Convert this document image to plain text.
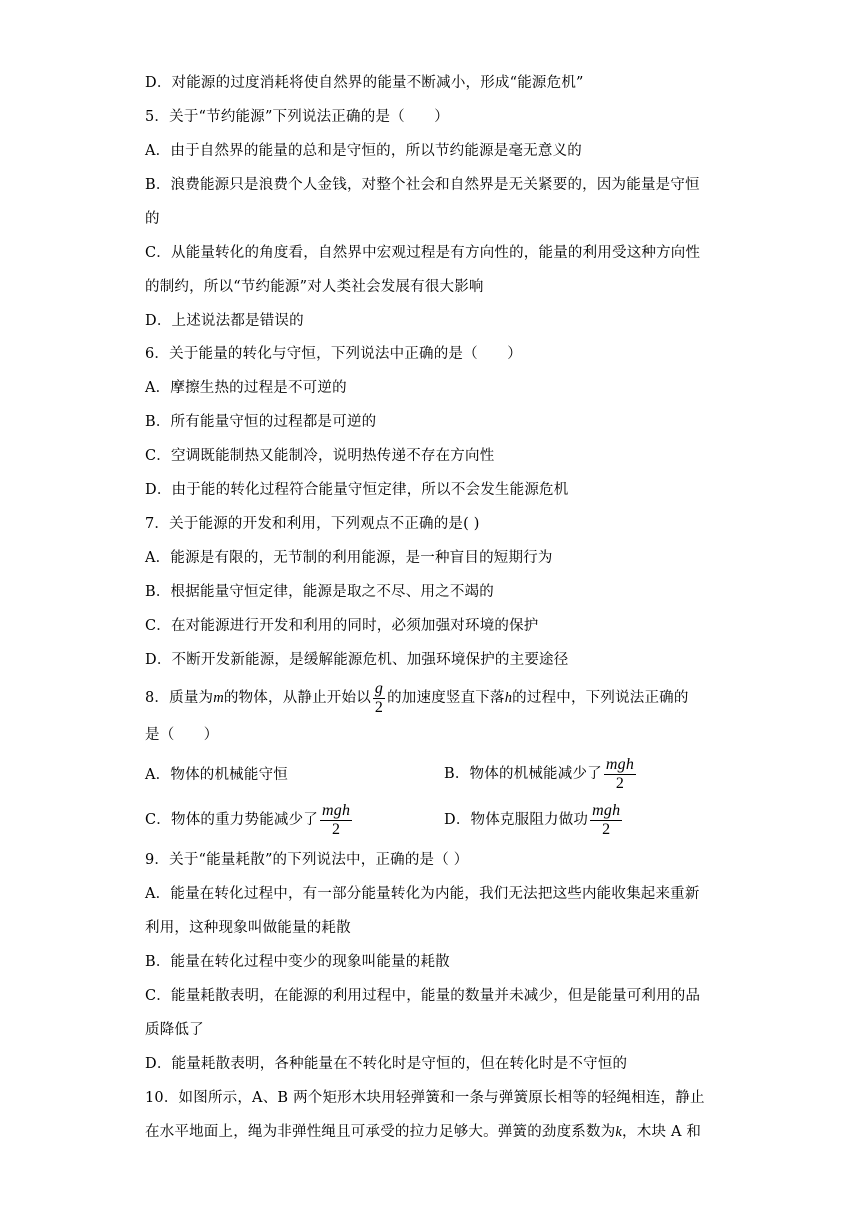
D．对能源的过度消耗将使自然界的能量不断减小，形成“能源危机”
5．关于“节约能源”下列说法正确的是（　　）
A．由于自然界的能量的总和是守恒的，所以节约能源是毫无意义的
B．浪费能源只是浪费个人金钱，对整个社会和自然界是无关紧要的，因为能量是守恒
的
C．从能量转化的角度看，自然界中宏观过程是有方向性的，能量的利用受这种方向性
的制约，所以“节约能源”对人类社会发展有很大影响
D．上述说法都是错误的
6．关于能量的转化与守恒，下列说法中正确的是（　　）
A．摩擦生热的过程是不可逆的
B．所有能量守恒的过程都是可逆的
C．空调既能制热又能制冷，说明热传递不存在方向性
D．由于能的转化过程符合能量守恒定律，所以不会发生能源危机
7．关于能源的开发和利用，下列观点不正确的是( )
A．能源是有限的，无节制的利用能源，是一种盲目的短期行为
B．根据能量守恒定律，能源是取之不尽、用之不竭的
C．在对能源进行开发和利用的同时，必须加强对环境的保护
D．不断开发新能源，是缓解能源危机、加强环境保护的主要途径
8．质量为m的物体，从静止开始以 $\frac{g}{2}$ 的加速度竖直下落h的过程中，下列说法正确的
是（　　）
A．物体的机械能守恒	B．物体的机械能减少了 $\frac{\text{mgh}}{2}$
C．物体的重力势能减少了 $\frac{\text{mgh}}{2}$	D．物体克服阻力做功 $\frac{\text{mgh}}{2}$
9．关于“能量耗散”的下列说法中，正确的是（ ）
A．能量在转化过程中，有一部分能量转化为内能，我们无法把这些内能收集起来重新
利用，这种现象叫做能量的耗散
B．能量在转化过程中变少的现象叫能量的耗散
C．能量耗散表明，在能源的利用过程中，能量的数量并未减少，但是能量可利用的品
质降低了
D．能量耗散表明，各种能量在不转化时是守恒的，但在转化时是不守恒的
10．如图所示，A、B 两个矩形木块用轻弹簧和一条与弹簧原长相等的轻绳相连，静止
在水平地面上，绳为非弹性绳且可承受的拉力足够大。弹簧的劲度系数为k，木块 A 和
